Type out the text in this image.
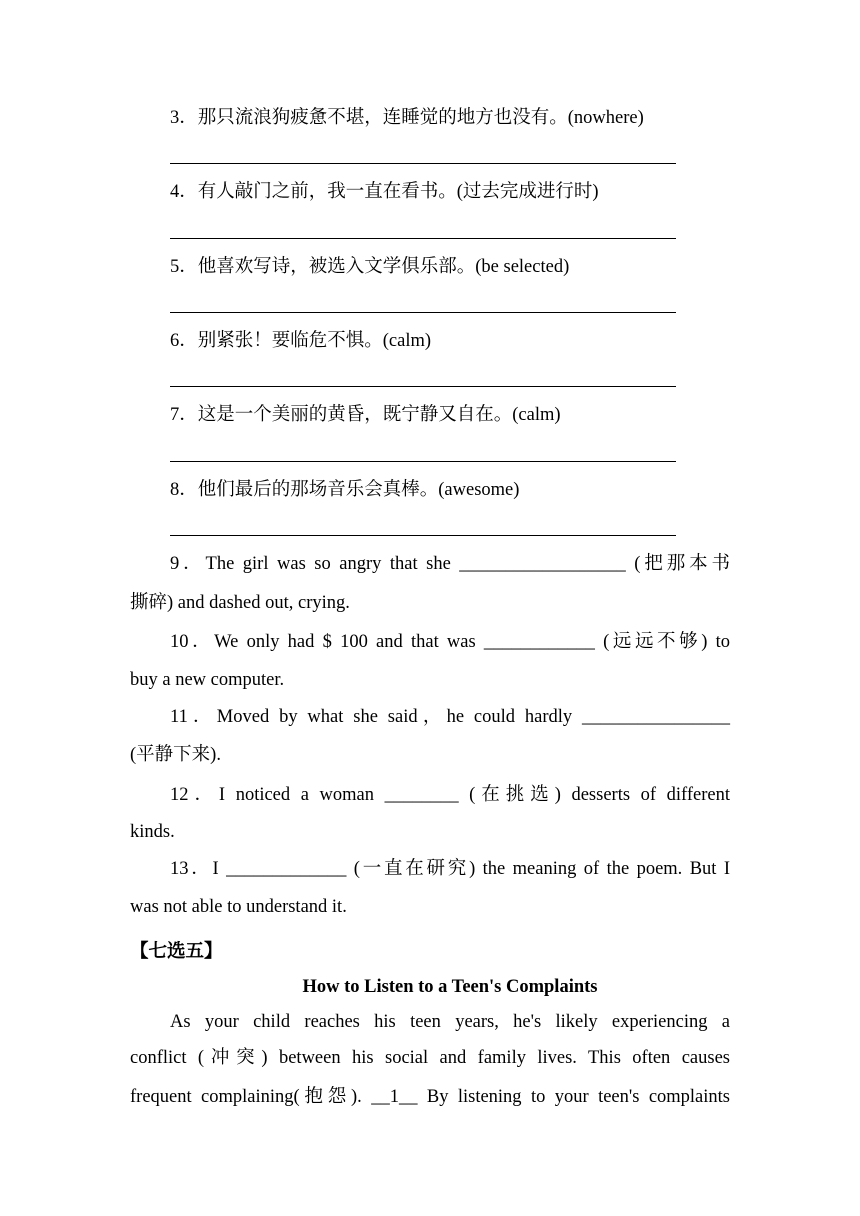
3．那只流浪狗疲惫不堪，连睡觉的地方也没有。(nowhere)
4．有人敲门之前，我一直在看书。(过去完成进行时)
5．他喜欢写诗，被选入文学俱乐部。(be selected)
6．别紧张！要临危不惧。(calm)
7．这是一个美丽的黄昏，既宁静又自在。(calm)
8．他们最后的那场音乐会真棒。(awesome)
9．The girl was so angry that she __________________ (把那本书
撕碎) and dashed out, crying.
10．We only had $ 100 and that was ____________ (远远不够) to
buy a new computer.
11．Moved by what she said，he could hardly ________________
(平静下来).
12．I noticed a woman ________ (在挑选) desserts of different
kinds.
13．I _____________ (一直在研究) the meaning of the poem. But I
was not able to understand it.
【七选五】
How to Listen to a Teen's Complaints
As your child reaches his teen years, he's likely experiencing a
conflict (冲突) between his social and family lives. This often causes
frequent complaining(抱怨). __1__ By listening to your teen's complaints
